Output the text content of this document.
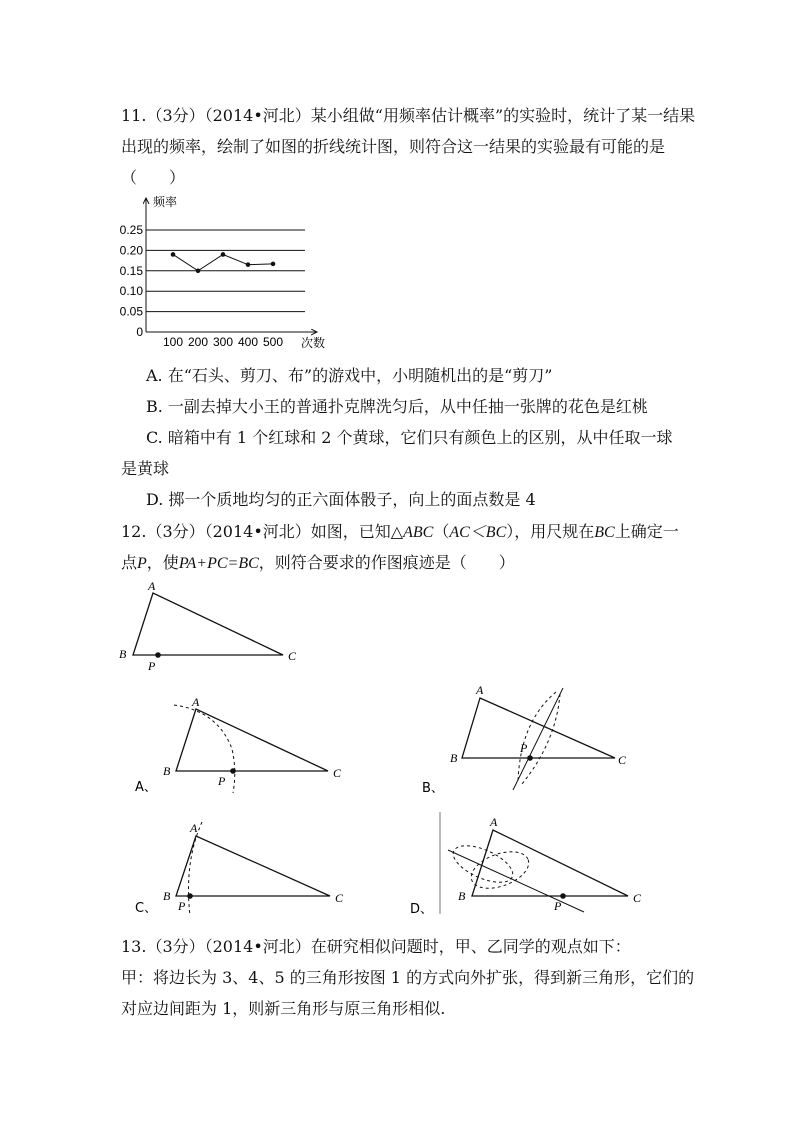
11.（3分）（2014•河北）某小组做“用频率估计概率”的实验时，统计了某一结果
出现的频率，绘制了如图的折线统计图，则符合这一结果的实验最有可能的是
（　　）
频率
次数
0.25
0.20
0.15
0.10
0.05
0
100 200 300 400 500
A. 在“石头、剪刀、布”的游戏中，小明随机出的是“剪刀”
B. 一副去掉大小王的普通扑克牌洗匀后，从中任抽一张牌的花色是红桃
C. 暗箱中有 1 个红球和 2 个黄球，它们只有颜色上的区别，从中任取一球
是黄球
D. 掷一个质地均匀的正六面体骰子，向上的面点数是 4
12.（3分）（2014•河北）如图，已知△ABC（AC＜BC），用尺规在BC上确定一
点P，使PA+PC=BC，则符合要求的作图痕迹是（　　）
A
B	C
P
A
B	C
P
A、
A
B	C
P
B、
A
B	C
P
C、
A
B	C
P
D、
13.（3分）（2014•河北）在研究相似问题时，甲、乙同学的观点如下：
甲：将边长为 3、4、5 的三角形按图 1 的方式向外扩张，得到新三角形，它们的
对应边间距为 1，则新三角形与原三角形相似.
